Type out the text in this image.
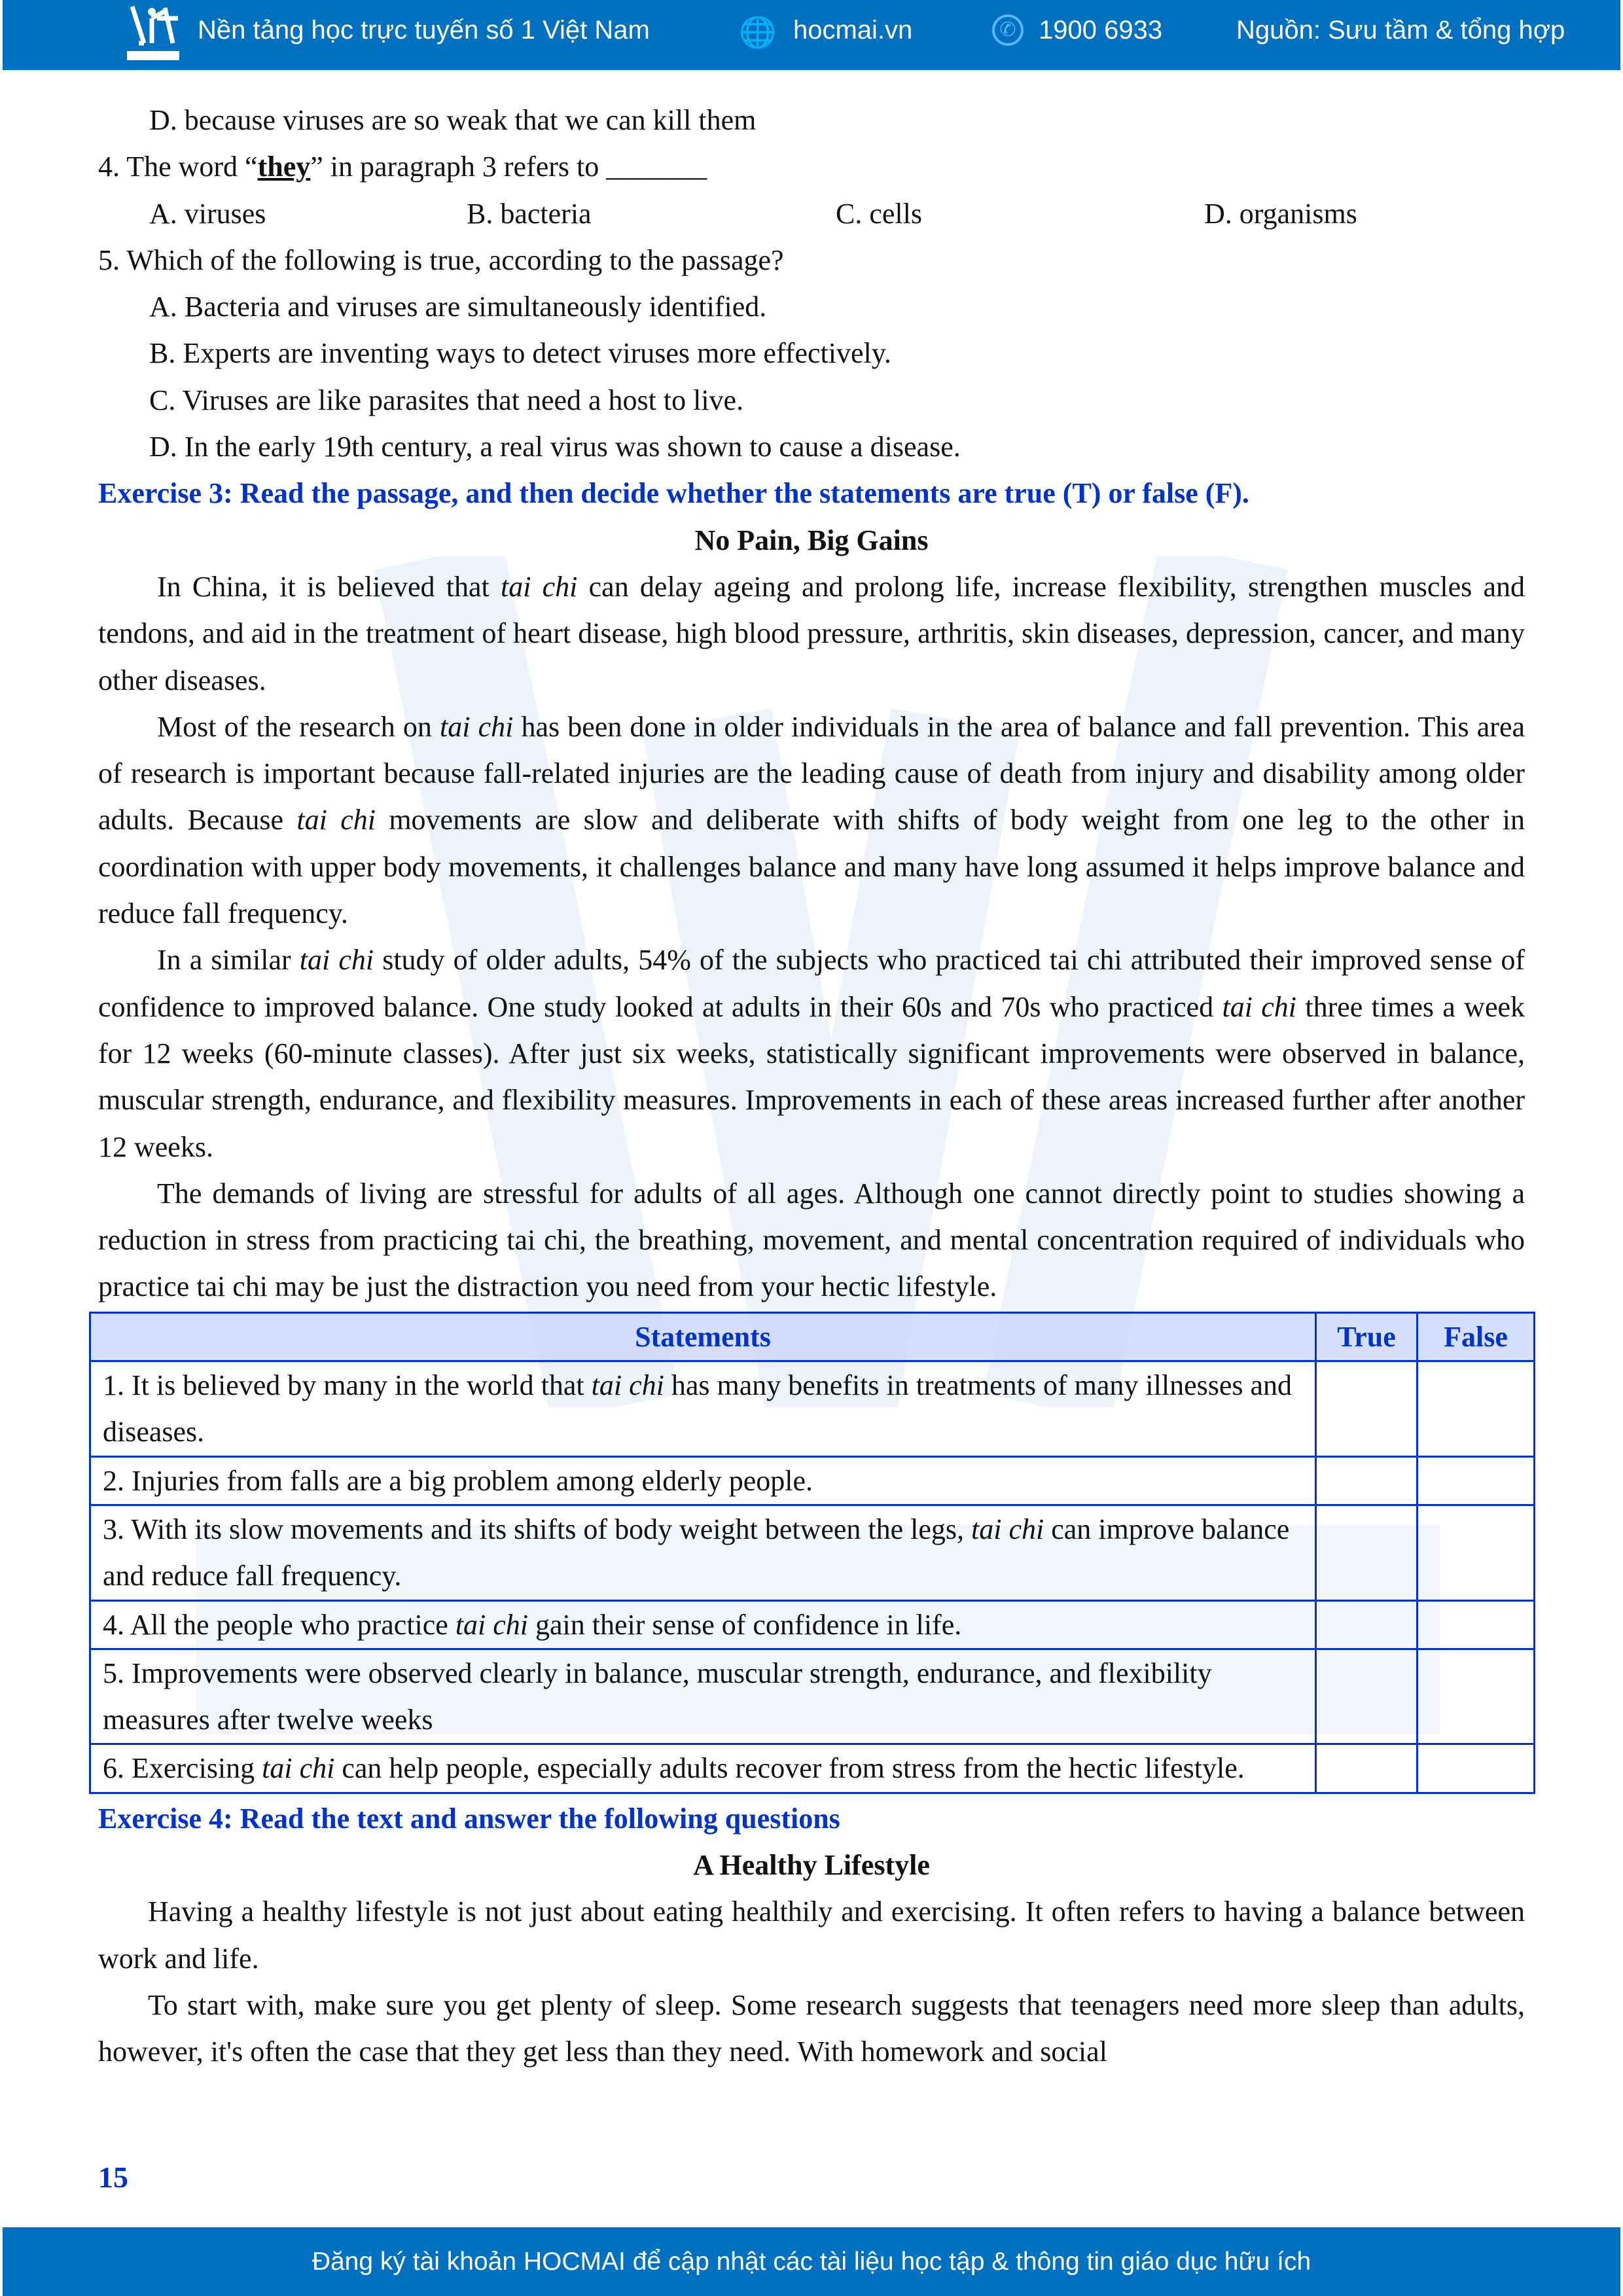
Nền tảng học trực tuyến số 1 Việt Nam	🌐 hocmai.vn	✆ 1900 6933	Nguồn: Sưu tầm & tổng hợp
D. because viruses are so weak that we can kill them
4. The word “they” in paragraph 3 refers to _______
A. viruses	B. bacteria	C. cells	D. organisms
5. Which of the following is true, according to the passage?
A. Bacteria and viruses are simultaneously identified.
B. Experts are inventing ways to detect viruses more effectively.
C. Viruses are like parasites that need a host to live.
D. In the early 19th century, a real virus was shown to cause a disease.
Exercise 3: Read the passage, and then decide whether the statements are true (T) or false (F).
No Pain, Big Gains
In China, it is believed that tai chi can delay ageing and prolong life, increase flexibility, strengthen muscles and tendons, and aid in the treatment of heart disease, high blood pressure, arthritis, skin diseases, depression, cancer, and many other diseases.
Most of the research on tai chi has been done in older individuals in the area of balance and fall prevention. This area of research is important because fall-related injuries are the leading cause of death from injury and disability among older adults. Because tai chi movements are slow and deliberate with shifts of body weight from one leg to the other in coordination with upper body movements, it challenges balance and many have long assumed it helps improve balance and reduce fall frequency.
In a similar tai chi study of older adults, 54% of the subjects who practiced tai chi attributed their improved sense of confidence to improved balance. One study looked at adults in their 60s and 70s who practiced tai chi three times a week for 12 weeks (60-minute classes). After just six weeks, statistically significant improvements were observed in balance, muscular strength, endurance, and flexibility measures. Improvements in each of these areas increased further after another 12 weeks.
The demands of living are stressful for adults of all ages. Although one cannot directly point to studies showing a reduction in stress from practicing tai chi, the breathing, movement, and mental concentration required of individuals who practice tai chi may be just the distraction you need from your hectic lifestyle.
Statements	True	False
1. It is believed by many in the world that tai chi has many benefits in treatments of many illnesses and diseases.		
2. Injuries from falls are a big problem among elderly people.		
3. With its slow movements and its shifts of body weight between the legs, tai chi can improve balance and reduce fall frequency.		
4. All the people who practice tai chi gain their sense of confidence in life.		
5. Improvements were observed clearly in balance, muscular strength, endurance, and flexibility measures after twelve weeks		
6. Exercising tai chi can help people, especially adults recover from stress from the hectic lifestyle.		
Exercise 4: Read the text and answer the following questions
A Healthy Lifestyle
Having a healthy lifestyle is not just about eating healthily and exercising. It often refers to having a balance between work and life.
To start with, make sure you get plenty of sleep. Some research suggests that teenagers need more sleep than adults, however, it's often the case that they get less than they need. With homework and social
15
Đăng ký tài khoản HOCMAI để cập nhật các tài liệu học tập & thông tin giáo dục hữu ích
